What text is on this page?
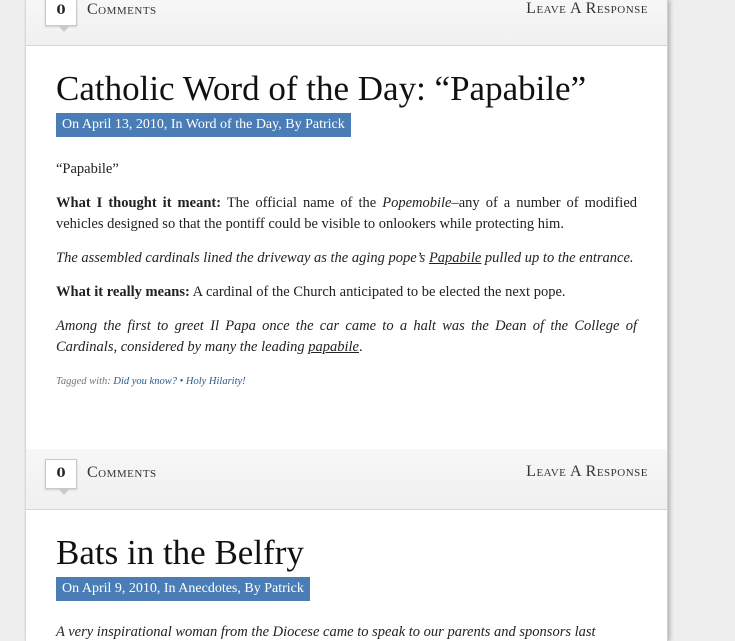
0	Comments	Leave A Response
Catholic Word of the Day: “Papabile”
On April 13, 2010, In Word of the Day, By Patrick

“Papabile”

What I thought it meant: The official name of the Popemobile–any of a number of modified vehicles designed so that the pontiff could be visible to onlookers while protecting him.

The assembled cardinals lined the driveway as the aging pope’s Papabile pulled up to the entrance.

What it really means: A cardinal of the Church anticipated to be elected the next pope.

Among the first to greet Il Papa once the car came to a halt was the Dean of the College of Cardinals, considered by many the leading papabile.

Tagged with: Did you know? • Holy Hilarity!
0	Comments	Leave A Response
Bats in the Belfry
On April 9, 2010, In Anecdotes, By Patrick

A very inspirational woman from the Diocese came to speak to our parents and sponsors last
